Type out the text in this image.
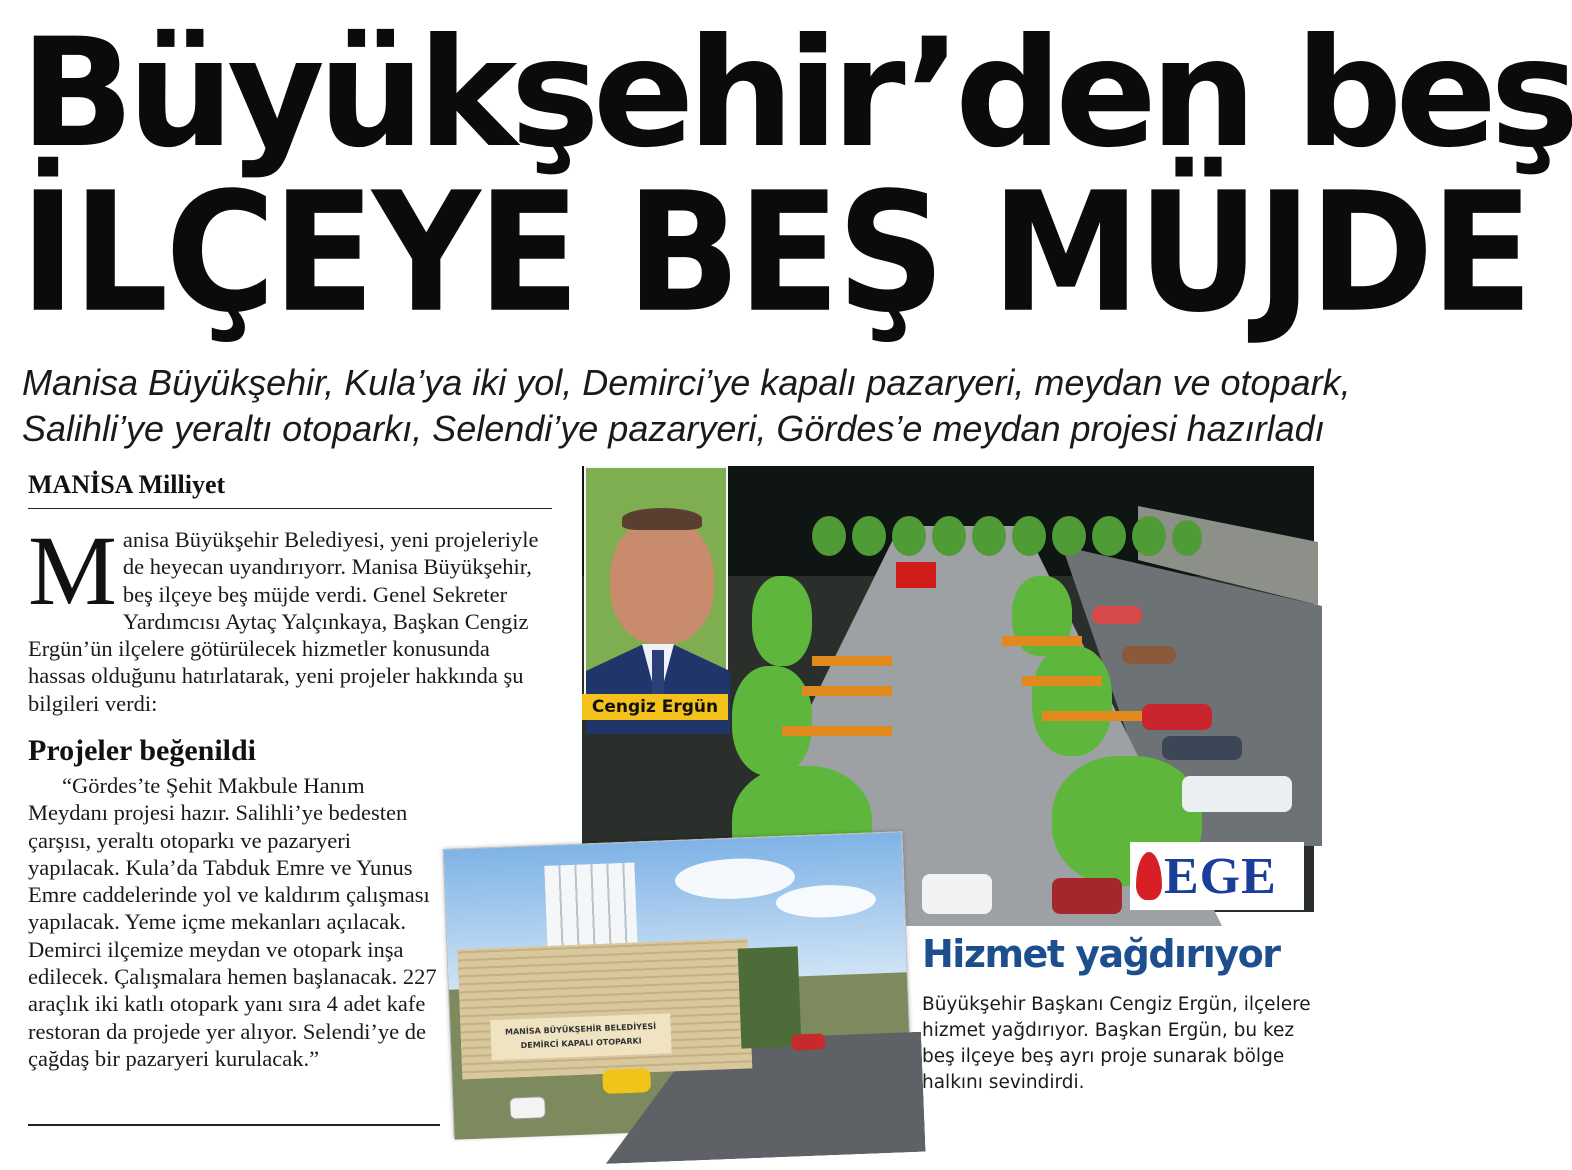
Büyükşehir’den beş
İLÇEYE BEŞ MÜJDE
Manisa Büyükşehir, Kula’ya iki yol, Demirci’ye kapalı pazaryeri, meydan ve otopark,
Salihli’ye yeraltı otoparkı, Selendi’ye pazaryeri, Gördes’e meydan projesi hazırladı
MANİSA Milliyet
M anisa Büyükşehir Belediyesi, yeni projeleriyle de heyecan uyandırıyorr. Manisa Büyükşehir, beş ilçeye beş müjde verdi. Genel Sekreter Yardımcısı Aytaç Yalçınkaya, Başkan Cengiz Ergün’ün ilçelere götürülecek hizmetler konusunda hassas olduğunu hatırlatarak, yeni projeler hakkında şu bilgileri verdi:
Projeler beğenildi
“Gördes’te Şehit Makbule Hanım Meydanı projesi hazır. Salihli’ye bedesten çarşısı, yeraltı otoparkı ve pazaryeri yapılacak. Kula’da Tabduk Emre ve Yunus Emre caddelerinde yol ve kaldırım çalışması yapılacak. Yeme içme mekanları açılacak. Demirci ilçemize meydan ve otopark inşa edilecek. Çalışmalara hemen başlanacak. 227 araçlık iki katlı otopark yanı sıra 4 adet kafe restoran da projede yer alıyor. Selendi’ye de çağdaş bir pazaryeri kurulacak.”
Cengiz Ergün
EGE
MANİSA BÜYÜKŞEHİR BELEDİYESİ
DEMİRCİ KAPALI OTOPARKI
Hizmet yağdırıyor
Büyükşehir Başkanı Cengiz Ergün, ilçelere hizmet yağdırıyor. Başkan Ergün, bu kez beş ilçeye beş ayrı proje sunarak bölge halkını sevindirdi.
